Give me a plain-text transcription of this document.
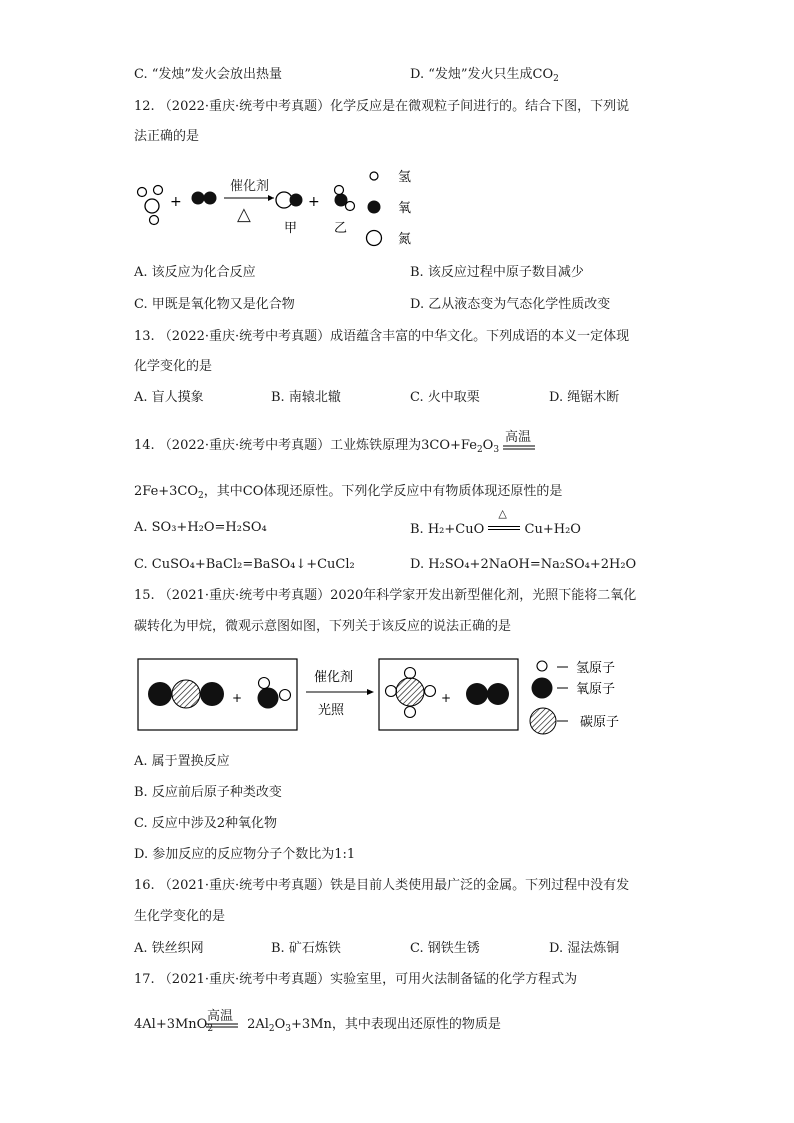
C. “发烛”发火会放出热量	D. “发烛”发火只生成$CO_2$
12. （2022·重庆·统考中考真题）化学反应是在微观粒子间进行的。结合下图，下列说
法正确的是
+
催化剂
△
甲
+
乙
氢
氧
氮
A. 该反应为化合反应	B. 该反应过程中原子数目减少
C. 甲既是氧化物又是化合物	D. 乙从液态变为气态化学性质改变
13. （2022·重庆·统考中考真题）成语蕴含丰富的中华文化。下列成语的本义一定体现
化学变化的是
A. 盲人摸象	B. 南辕北辙	C. 火中取栗	D. 绳锯木断
14. （2022·重庆·统考中考真题）工业炼铁原理为$3CO+Fe_2O_3$
高温
$2Fe+3CO_2$，其中CO体现还原性。下列化学反应中有物质体现还原性的是
A. SO₃+H₂O=H₂SO₄	B. H₂+CuO
△
Cu+H₂O
C. CuSO₄+BaCl₂=BaSO₄↓+CuCl₂	D. H₂SO₄+2NaOH=Na₂SO₄+2H₂O
15. （2021·重庆·统考中考真题）2020年科学家开发出新型催化剂，光照下能将二氧化
碳转化为甲烷，微观示意图如图，下列关于该反应的说法正确的是
+
催化剂
光照
+
氢原子
氧原子
碳原子
A. 属于置换反应
B. 反应前后原子种类改变
C. 反应中涉及2种氧化物
D. 参加反应的反应物分子个数比为1:1
16. （2021·重庆·统考中考真题）铁是目前人类使用最广泛的金属。下列过程中没有发
生化学变化的是
A. 铁丝织网	B. 矿石炼铁	C. 钢铁生锈	D. 湿法炼铜
17. （2021·重庆·统考中考真题）实验室里，可用火法制备锰的化学方程式为
高温
4Al+3MnO$_2$	$2Al_2O_3+3Mn$，其中表现出还原性的物质是
